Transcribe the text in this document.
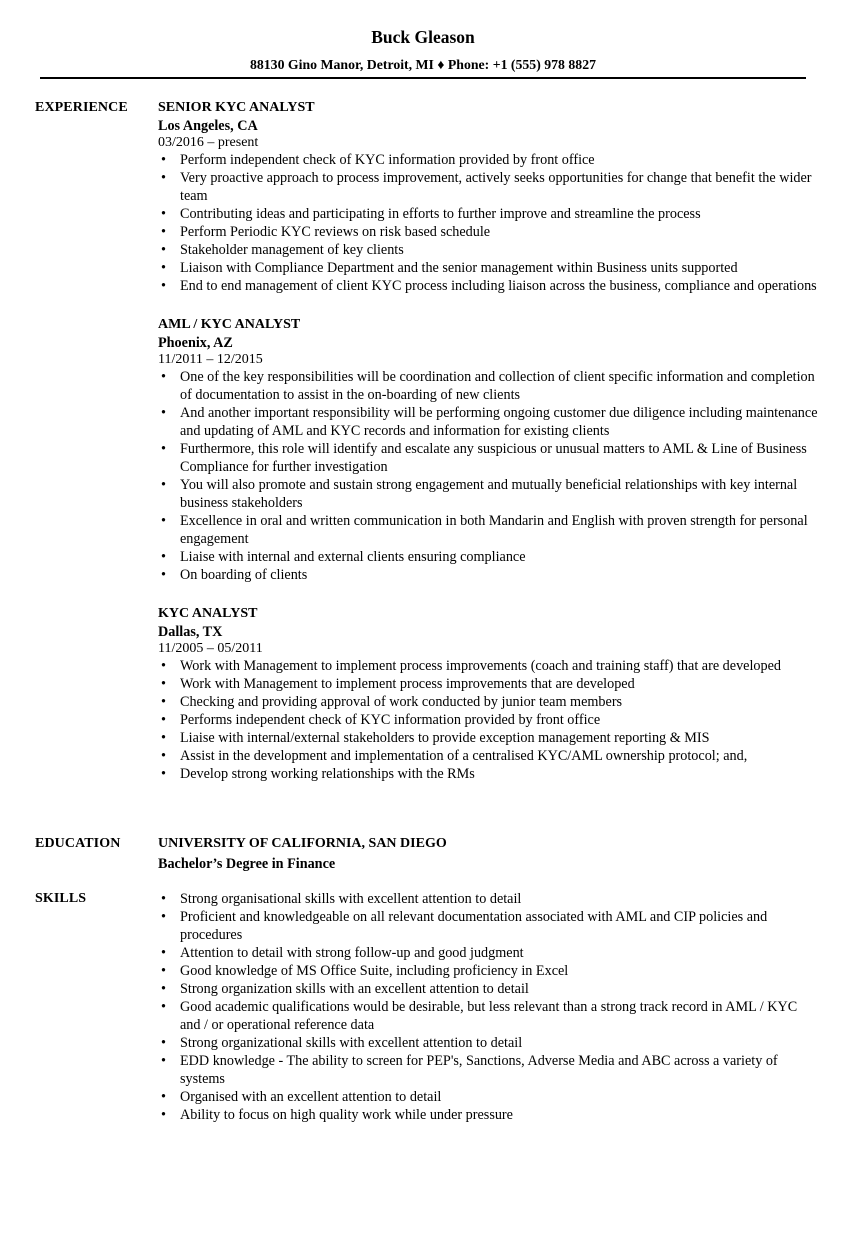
Buck Gleason
88130 Gino Manor, Detroit, MI ♦ Phone: +1 (555) 978 8827
EXPERIENCE SENIOR KYC ANALYST
Los Angeles, CA
03/2016 – present
• Perform independent check of KYC information provided by front office
• Very proactive approach to process improvement, actively seeks opportunities for change that benefit the wider team
• Contributing ideas and participating in efforts to further improve and streamline the process
• Perform Periodic KYC reviews on risk based schedule
• Stakeholder management of key clients
• Liaison with Compliance Department and the senior management within Business units supported
• End to end management of client KYC process including liaison across the business, compliance and operations
AML / KYC ANALYST
Phoenix, AZ
11/2011 – 12/2015
• One of the key responsibilities will be coordination and collection of client specific information and completion of documentation to assist in the on-boarding of new clients
• And another important responsibility will be performing ongoing customer due diligence including maintenance and updating of AML and KYC records and information for existing clients
• Furthermore, this role will identify and escalate any suspicious or unusual matters to AML & Line of Business Compliance for further investigation
• You will also promote and sustain strong engagement and mutually beneficial relationships with key internal business stakeholders
• Excellence in oral and written communication in both Mandarin and English with proven strength for personal engagement
• Liaise with internal and external clients ensuring compliance
• On boarding of clients
KYC ANALYST
Dallas, TX
11/2005 – 05/2011
• Work with Management to implement process improvements (coach and training staff) that are developed
• Work with Management to implement process improvements that are developed
• Checking and providing approval of work conducted by junior team members
• Performs independent check of KYC information provided by front office
• Liaise with internal/external stakeholders to provide exception management reporting & MIS
• Assist in the development and implementation of a centralised KYC/AML ownership protocol; and,
• Develop strong working relationships with the RMs
EDUCATION	UNIVERSITY OF CALIFORNIA, SAN DIEGO
Bachelor’s Degree in Finance
SKILLS
•	Strong organisational skills with excellent attention to detail
• Proficient and knowledgeable on all relevant documentation associated with AML and CIP policies and procedures
• Attention to detail with strong follow-up and good judgment
• Good knowledge of MS Office Suite, including proficiency in Excel
• Strong organization skills with an excellent attention to detail
• Good academic qualifications would be desirable, but less relevant than a strong track record in AML / KYC and / or operational reference data
• Strong organizational skills with excellent attention to detail
• EDD knowledge - The ability to screen for PEP's, Sanctions, Adverse Media and ABC across a variety of systems
• Organised with an excellent attention to detail
• Ability to focus on high quality work while under pressure
